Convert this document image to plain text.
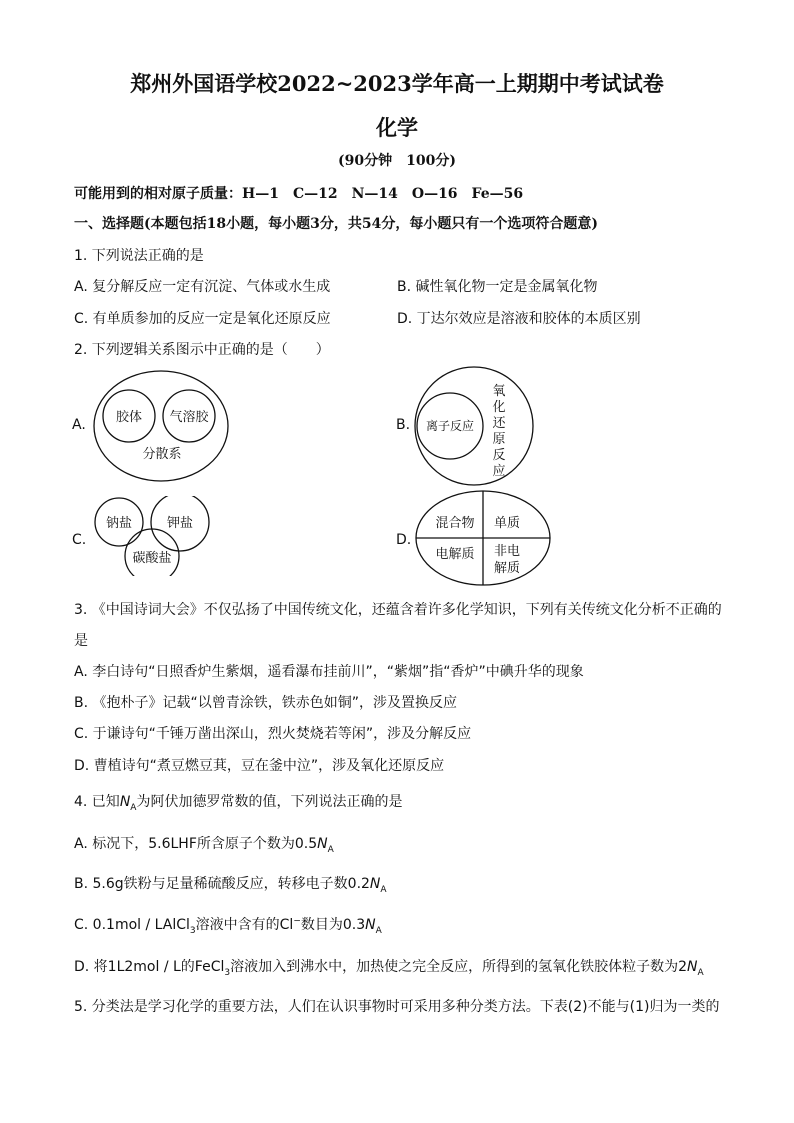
郑州外国语学校2022~2023学年高一上期期中考试试卷
化学
(90分钟　100分)
可能用到的相对原子质量：H—1　C—12　N—14　O—16　Fe—56
一、选择题(本题包括18小题，每小题3分，共54分，每小题只有一个选项符合题意)
1. 下列说法正确的是
A. 复分解反应一定有沉淀、气体或水生成	B. 碱性氧化物一定是金属氧化物
C. 有单质参加的反应一定是氧化还原反应	D. 丁达尔效应是溶液和胶体的本质区别
2. 下列逻辑关系图示中正确的是（　　）
A. 胶体 气溶胶
分散系
B. 离子反应
氧
化
还
原
反
应
C.
钠盐	钾盐
碳酸盐
D.
混合物 单质
电解质 非电
解质
3. 《中国诗词大会》不仅弘扬了中国传统文化，还蕴含着许多化学知识，下列有关传统文化分析不正确的
是
A. 李白诗句“日照香炉生紫烟，遥看瀑布挂前川”，“紫烟”指“香炉”中碘升华的现象
B. 《抱朴子》记载“以曾青涂铁，铁赤色如铜”，涉及置换反应
C. 于谦诗句“千锤万凿出深山，烈火焚烧若等闲”，涉及分解反应
D. 曹植诗句“煮豆燃豆萁，豆在釜中泣”，涉及氧化还原反应
4. 已知$N_A$为阿伏加德罗常数的值，下列说法正确的是
A. 标况下，5.6LHF所含原子个数为$0.5N_A$
B. 5.6g铁粉与足量稀硫酸反应，转移电子数$0.2N_A$
C. 0.1mol / LAlCl$_3$溶液中含有的Cl−数目为$0.3N_A$
D. 将1L2mol / L的FeCl$_3$溶液加入到沸水中，加热使之完全反应，所得到的氢氧化铁胶体粒子数为$2N_A$
5. 分类法是学习化学的重要方法，人们在认识事物时可采用多种分类方法。下表(2)不能与(1)归为一类的
